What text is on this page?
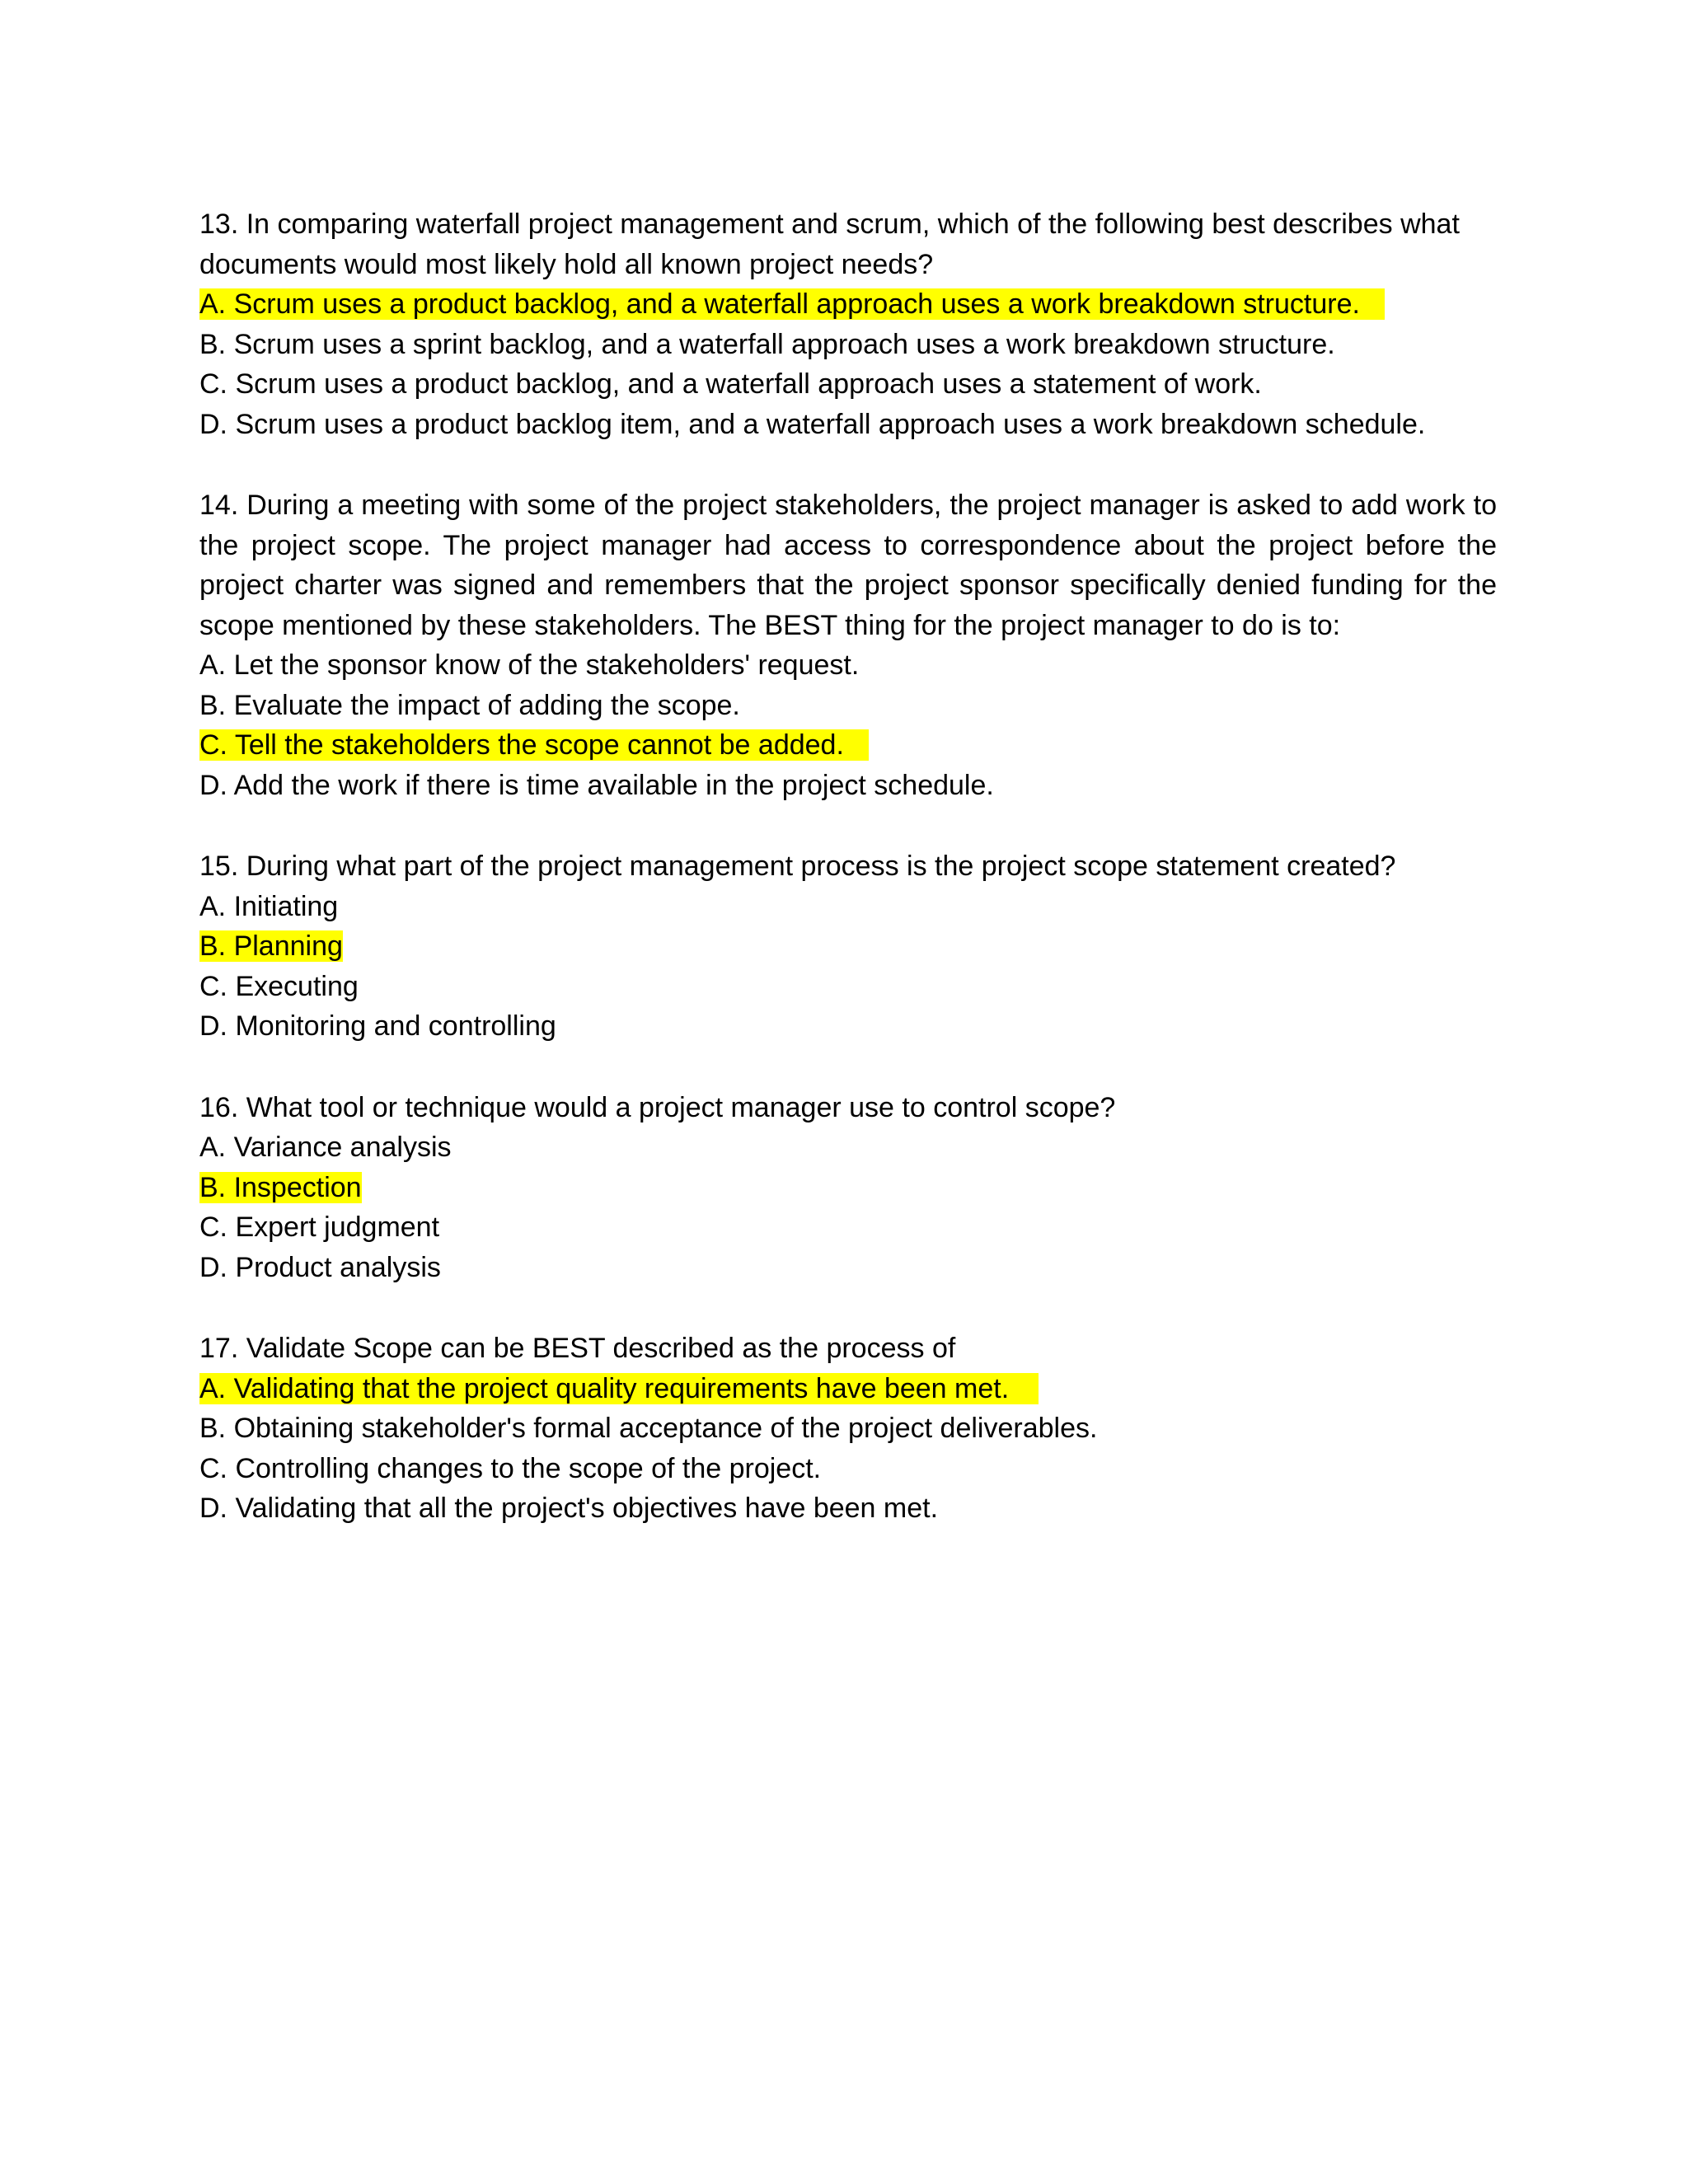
13. In comparing waterfall project management and scrum, which of the following best describes what documents would most likely hold all known project needs?

A. Scrum uses a product backlog, and a waterfall approach uses a work breakdown structure.

B. Scrum uses a sprint backlog, and a waterfall approach uses a work breakdown structure.

C. Scrum uses a product backlog, and a waterfall approach uses a statement of work.

D. Scrum uses a product backlog item, and a waterfall approach uses a work breakdown schedule.

14. During a meeting with some of the project stakeholders, the project manager is asked to add work to the project scope. The project manager had access to correspondence about the project before the project charter was signed and remembers that the project sponsor specifically denied funding for the scope mentioned by these stakeholders. The BEST thing for the project manager to do is to:

A. Let the sponsor know of the stakeholders' request.

B. Evaluate the impact of adding the scope.

C. Tell the stakeholders the scope cannot be added.

D. Add the work if there is time available in the project schedule.

15. During what part of the project management process is the project scope statement created?

A. Initiating

B. Planning

C. Executing

D. Monitoring and controlling

16. What tool or technique would a project manager use to control scope?

A. Variance analysis

B. Inspection

C. Expert judgment

D. Product analysis

17. Validate Scope can be BEST described as the process of

A. Validating that the project quality requirements have been met.

B. Obtaining stakeholder's formal acceptance of the project deliverables.

C. Controlling changes to the scope of the project.

D. Validating that all the project's objectives have been met.
